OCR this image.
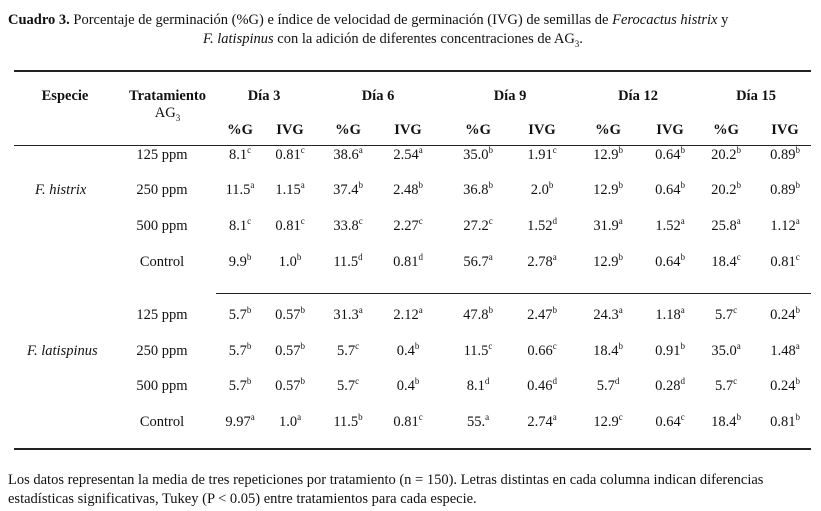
Cuadro 3. Porcentaje de germinación (%G) e índice de velocidad de germinación (IVG) de semillas de Ferocactus histrix y
F. latispinus con la adición de diferentes concentraciones de $AG_3$.
Especie	Tratamiento
$AG_3$
Día 3	Día 6	Día 9	Día 12	Día 15
%G	IVG	%G	IVG	%G	IVG	%G	IVG	%G	IVG
F. histrix
125 ppm	8.1$^c$	0.81$^c$	38.6$^a$	2.54$^a$	35.0$^b$	1.91$^c$	12.9$^b$	0.64$^b$	20.2$^b$	0.89$^b$
250 ppm	11.5$^a$	1.15$^a$	37.4$^b$	2.48$^b$	36.8$^b$	2.0$^b$	12.9$^b$	0.64$^b$	20.2$^b$	0.89$^b$
500 ppm	8.1$^c$	0.81$^c$	33.8$^c$	2.27$^c$	27.2$^c$	1.52$^d$	31.9$^a$	1.52$^a$	25.8$^a$	1.12$^a$
Control	9.9$^b$	1.0$^b$	11.5$^d$	0.81$^d$	56.7$^a$	2.78$^a$	12.9$^b$	0.64$^b$	18.4$^c$	0.81$^c$
F. latispinus
125 ppm	5.7$^b$	0.57$^b$	31.3$^a$	2.12$^a$	47.8$^b$	2.47$^b$	24.3$^a$	1.18$^a$	5.7$^c$	0.24$^b$
250 ppm	5.7$^b$	0.57$^b$	5.7$^c$	0.4$^b$	11.5$^c$	0.66$^c$	18.4$^b$	0.91$^b$	35.0$^a$	1.48$^a$
500 ppm	5.7$^b$	0.57$^b$	5.7$^c$	0.4$^b$	8.1$^d$	0.46$^d$	5.7$^d$	0.28$^d$	5.7$^c$	0.24$^b$
Control	9.97$^a$	1.0$^a$	11.5$^b$	0.81$^c$	55.$^a$	2.74$^a$	12.9$^c$	0.64$^c$	18.4$^b$	0.81$^b$
Los datos representan la media de tres repeticiones por tratamiento (n = 150). Letras distintas en cada columna indican diferencias estadísticas significativas, Tukey (P < 0.05) entre tratamientos para cada especie.
